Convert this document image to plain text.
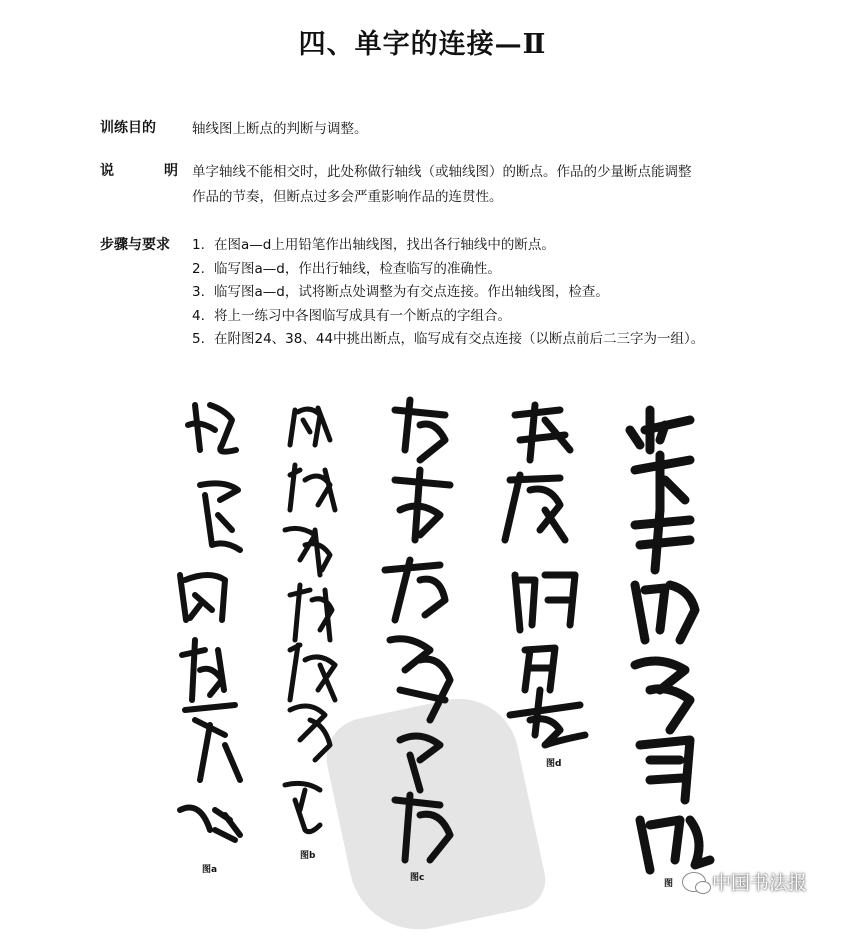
四、单字的连接—Ⅱ
训练目的	轴线图上断点的判断与调整。
说	明 单字轴线不能相交时，此处称做行轴线（或轴线图）的断点。作品的少量断点能调整
作品的节奏，但断点过多会严重影响作品的连贯性。
步骤与要求	1. 在图a—d上用铅笔作出轴线图，找出各行轴线中的断点。
2. 临写图a—d，作出行轴线，检查临写的准确性。
3. 临写图a—d，试将断点处调整为有交点连接。作出轴线图，检查。
4. 将上一练习中各图临写成具有一个断点的字组合。
5. 在附图24、38、44中挑出断点，临写成有交点连接（以断点前后二三字为一组）。
图a
图b
图c
图d
图 中国书法报
